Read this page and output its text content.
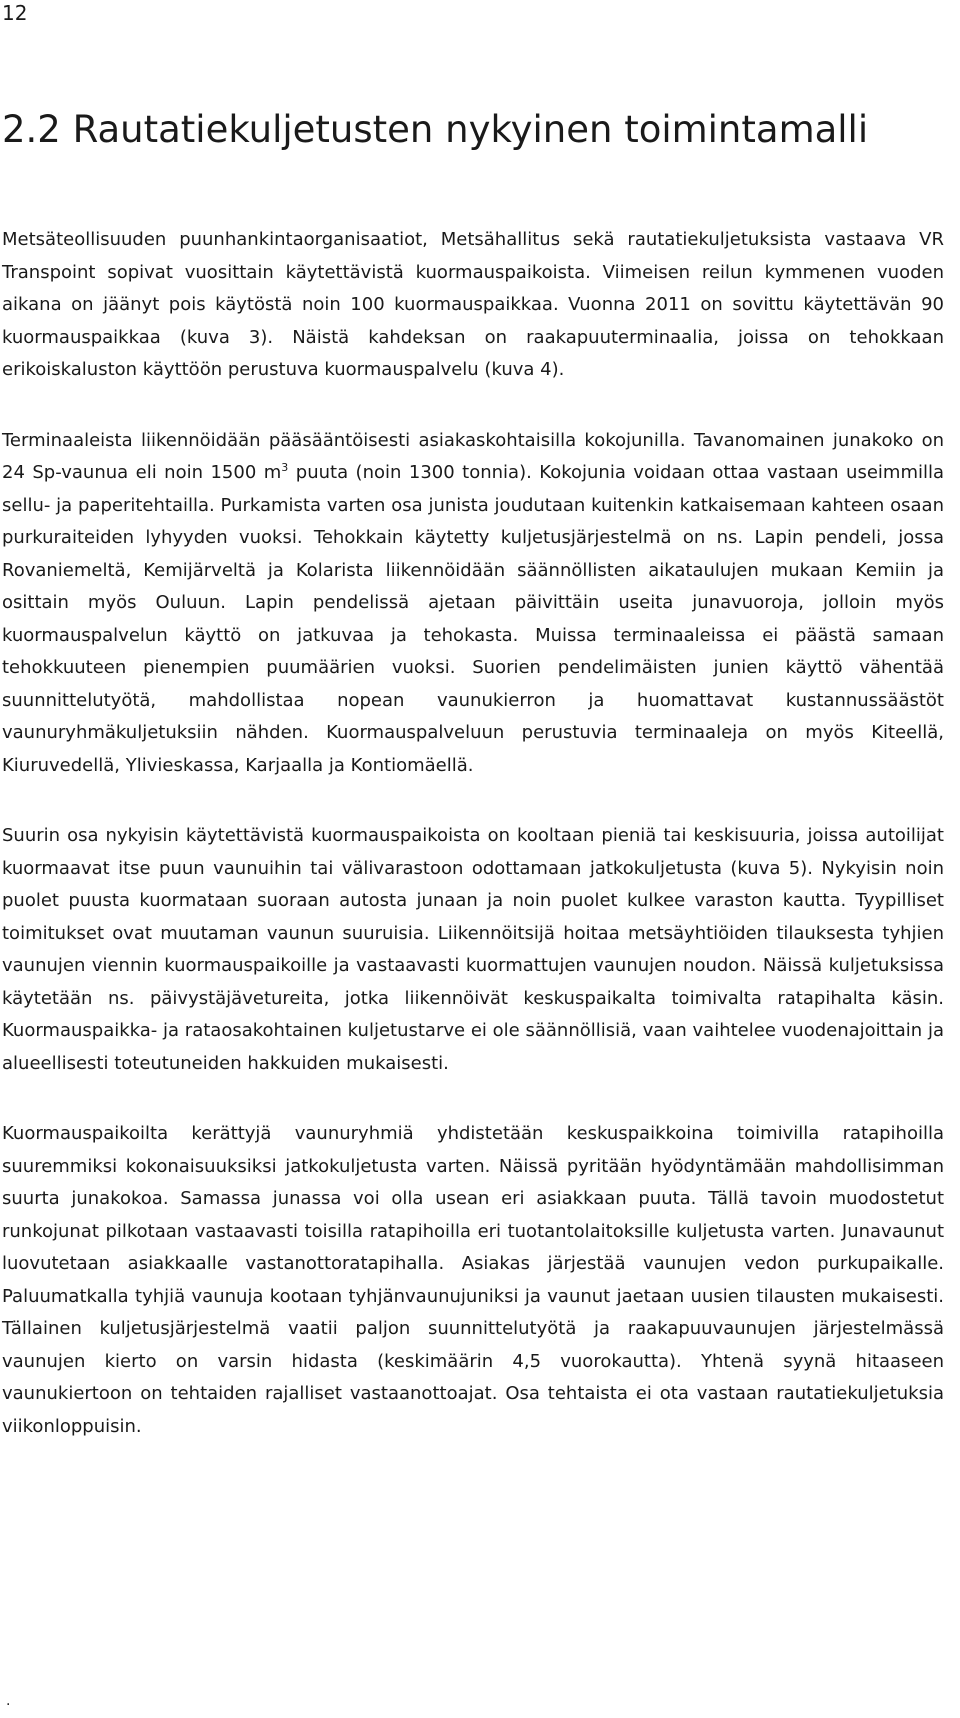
12
2.2 Rautatiekuljetusten nykyinen toimintamalli

Metsäteollisuuden puunhankintaorganisaatiot, Metsähallitus sekä rautatiekuljetuksista vastaava VR Transpoint sopivat vuosittain käytettävistä kuormauspaikoista. Viimeisen reilun kymmenen vuoden aikana on jäänyt pois käytöstä noin 100 kuormauspaikkaa. Vuonna 2011 on sovittu käytettävän 90 kuormauspaikkaa (kuva 3). Näistä kahdeksan on raakapuuterminaalia, joissa on tehokkaan erikoiskaluston käyttöön perustuva kuormauspalvelu (kuva 4).

Terminaaleista liikennöidään pääsääntöisesti asiakaskohtaisilla kokojunilla. Tavanomainen junakoko on 24 Sp-vaunua eli noin 1500 $m^3$ puuta (noin 1300 tonnia). Kokojunia voidaan ottaa vastaan useimmilla sellu- ja paperitehtailla. Purkamista varten osa junista joudutaan kuitenkin katkaisemaan kahteen osaan purkuraiteiden lyhyyden vuoksi. Tehokkain käytetty kuljetusjärjestelmä on ns. Lapin pendeli, jossa Rovaniemeltä, Kemijärveltä ja Kolarista liikennöidään säännöllisten aikataulujen mukaan Kemiin ja osittain myös Ouluun. Lapin pendelissä ajetaan päivittäin useita junavuoroja, jolloin myös kuormauspalvelun käyttö on jatkuvaa ja tehokasta. Muissa terminaaleissa ei päästä samaan tehokkuuteen pienempien puumäärien vuoksi. Suorien pendelimäisten junien käyttö vähentää suunnittelutyötä, mahdollistaa nopean vaunukierron ja huomattavat kustannussäästöt vaunuryhmäkuljetuksiin nähden. Kuormauspalveluun perustuvia terminaaleja on myös Kiteellä, Kiuruvedellä, Ylivieskassa, Karjaalla ja Kontiomäellä.

Suurin osa nykyisin käytettävistä kuormauspaikoista on kooltaan pieniä tai keskisuuria, joissa autoilijat kuormaavat itse puun vaunuihin tai välivarastoon odottamaan jatkokuljetusta (kuva 5). Nykyisin noin puolet puusta kuormataan suoraan autosta junaan ja noin puolet kulkee varaston kautta. Tyypilliset toimitukset ovat muutaman vaunun suuruisia. Liikennöitsijä hoitaa metsäyhtiöiden tilauksesta tyhjien vaunujen viennin kuormauspaikoille ja vastaavasti kuormattujen vaunujen noudon. Näissä kuljetuksissa käytetään ns. päivystäjävetureita, jotka liikennöivät keskuspaikalta toimivalta ratapihalta käsin. Kuormauspaikka- ja rataosakohtainen kuljetustarve ei ole säännöllisiä, vaan vaihtelee vuodenajoittain ja alueellisesti toteutuneiden hakkuiden mukaisesti.

Kuormauspaikoilta kerättyjä vaunuryhmiä yhdistetään keskuspaikkoina toimivilla ratapihoilla suuremmiksi kokonaisuuksiksi jatkokuljetusta varten. Näissä pyritään hyödyntämään mahdollisimman suurta junakokoa. Samassa junassa voi olla usean eri asiakkaan puuta. Tällä tavoin muodostetut runkojunat pilkotaan vastaavasti toisilla ratapihoilla eri tuotantolaitoksille kuljetusta varten. Junavaunut luovutetaan asiakkaalle vastanottoratapihalla. Asiakas järjestää vaunujen vedon purkupaikalle. Paluumatkalla tyhjiä vaunuja kootaan tyhjänvaunujuniksi ja vaunut jaetaan uusien tilausten mukaisesti. Tällainen kuljetusjärjestelmä vaatii paljon suunnittelutyötä ja raakapuuvaunujen järjestelmässä vaunujen kierto on varsin hidasta (keskimäärin 4,5 vuorokautta). Yhtenä syynä hitaaseen vaunukiertoon on tehtaiden rajalliset vastaanottoajat. Osa tehtaista ei ota vastaan rautatiekuljetuksia viikonloppuisin.

.
